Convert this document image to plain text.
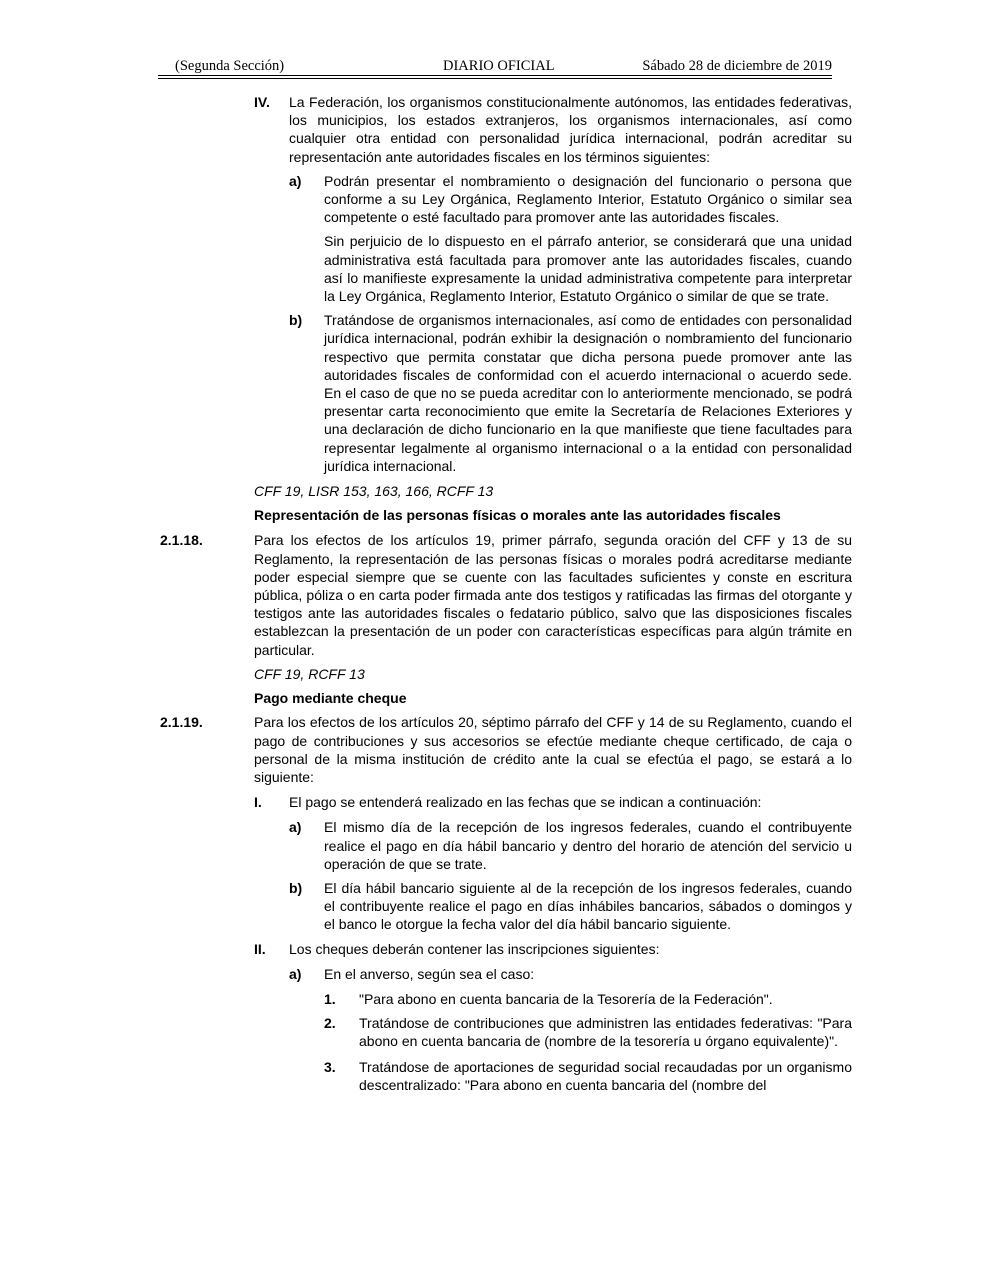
(Segunda Sección)	DIARIO OFICIAL	Sábado 28 de diciembre de 2019
IV. La Federación, los organismos constitucionalmente autónomos, las entidades federativas, los municipios, los estados extranjeros, los organismos internacionales, así como cualquier otra entidad con personalidad jurídica internacional, podrán acreditar su representación ante autoridades fiscales en los términos siguientes:
a) Podrán presentar el nombramiento o designación del funcionario o persona que conforme a su Ley Orgánica, Reglamento Interior, Estatuto Orgánico o similar sea competente o esté facultado para promover ante las autoridades fiscales.
Sin perjuicio de lo dispuesto en el párrafo anterior, se considerará que una unidad administrativa está facultada para promover ante las autoridades fiscales, cuando así lo manifieste expresamente la unidad administrativa competente para interpretar la Ley Orgánica, Reglamento Interior, Estatuto Orgánico o similar de que se trate.
b) Tratándose de organismos internacionales, así como de entidades con personalidad jurídica internacional, podrán exhibir la designación o nombramiento del funcionario respectivo que permita constatar que dicha persona puede promover ante las autoridades fiscales de conformidad con el acuerdo internacional o acuerdo sede. En el caso de que no se pueda acreditar con lo anteriormente mencionado, se podrá presentar carta reconocimiento que emite la Secretaría de Relaciones Exteriores y una declaración de dicho funcionario en la que manifieste que tiene facultades para representar legalmente al organismo internacional o a la entidad con personalidad jurídica internacional.
CFF 19, LISR 153, 163, 166, RCFF 13
Representación de las personas físicas o morales ante las autoridades fiscales
2.1.18.	Para los efectos de los artículos 19, primer párrafo, segunda oración del CFF y 13 de su Reglamento, la representación de las personas físicas o morales podrá acreditarse mediante poder especial siempre que se cuente con las facultades suficientes y conste en escritura pública, póliza o en carta poder firmada ante dos testigos y ratificadas las firmas del otorgante y testigos ante las autoridades fiscales o fedatario público, salvo que las disposiciones fiscales establezcan la presentación de un poder con características específicas para algún trámite en particular.
CFF 19, RCFF 13
Pago mediante cheque
2.1.19.	Para los efectos de los artículos 20, séptimo párrafo del CFF y 14 de su Reglamento, cuando el pago de contribuciones y sus accesorios se efectúe mediante cheque certificado, de caja o personal de la misma institución de crédito ante la cual se efectúa el pago, se estará a lo siguiente:
I. El pago se entenderá realizado en las fechas que se indican a continuación:
a) El mismo día de la recepción de los ingresos federales, cuando el contribuyente realice el pago en día hábil bancario y dentro del horario de atención del servicio u operación de que se trate.
b) El día hábil bancario siguiente al de la recepción de los ingresos federales, cuando el contribuyente realice el pago en días inhábiles bancarios, sábados o domingos y el banco le otorgue la fecha valor del día hábil bancario siguiente.
II. Los cheques deberán contener las inscripciones siguientes:
a) En el anverso, según sea el caso:
1. "Para abono en cuenta bancaria de la Tesorería de la Federación".
2. Tratándose de contribuciones que administren las entidades federativas: "Para abono en cuenta bancaria de (nombre de la tesorería u órgano equivalente)".
3. Tratándose de aportaciones de seguridad social recaudadas por un organismo descentralizado: "Para abono en cuenta bancaria del (nombre del
